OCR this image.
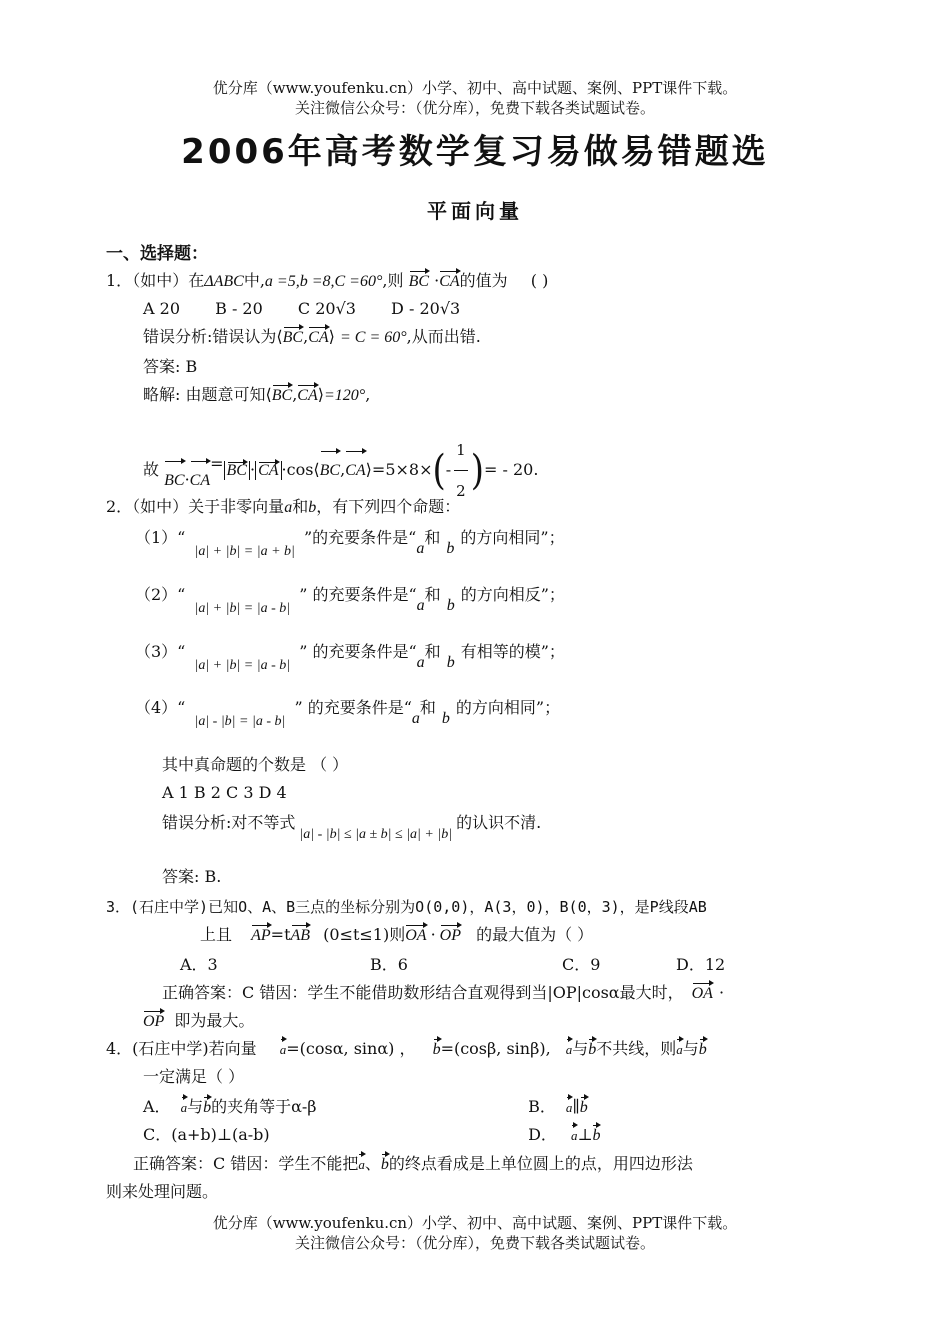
优分库（www.youfenku.cn）小学、初中、高中试题、案例、PPT课件下载。
关注微信公众号：（优分库），免费下载各类试题试卷。
2006年高考数学复习易做易错题选
平面向量
一、选择题：
1．（如中）在ΔABC中,a =5,b =8,C =60°,则 BC ·CA的值为 ( )
A 20 B - 20 C 20√3 D - 20√3
错误分析:错误认为⟨BC,CA⟩ = C = 60°,从而出错.
答案: B
略解: 由题意可知⟨BC,CA⟩=120°,
故 BC·CA= BC · CA ·cos⟨BC,CA⟩=5×8×(- $\frac{1}{2}$ )= - 20.
2．（如中）关于非零向量a和b，有下列四个命题：
（1）“ |a| + |b| = |a + b| ”的充要条件是“a和b的方向相同”；
（2）“ |a| + |b| = |a - b| ” 的充要条件是“a和b的方向相反”；
（3）“ |a| + |b| = |a - b| ” 的充要条件是“a和b有相等的模”；
（4）“ |a| - |b| = |a - b| ” 的充要条件是“a和b的方向相同”；
其中真命题的个数是 （ ）
A 1 B 2 C 3 D 4
错误分析:对不等式|a| - |b| ≤ |a ± b| ≤ |a| + |b|的认识不清.
答案: B.
3．(石庄中学)已知O、A、B三点的坐标分别为O(0,0)，A(3，0)，B(0，3)，是P线段AB
上且 AP=tAB (0≤t≤1)则OA · OP 的最大值为（ ）
A．3	B．6	C．9	D．12
正确答案：C 错因：学生不能借助数形结合直观得到当|OP|cosα最大时， OA ·
OP 即为最大。
4．(石庄中学)若向量 a=(cosα, sinα) ， b=(cosβ, sinβ), a与b不共线，则a与b
一定满足（ ）
A． a与b的夹角等于α-β	B． a∥b
C．(a+b)⊥(a-b)	D． a⊥b
正确答案：C 错因：学生不能把a、b的终点看成是上单位圆上的点，用四边形法
则来处理问题。
优分库（www.youfenku.cn）小学、初中、高中试题、案例、PPT课件下载。
关注微信公众号：（优分库），免费下载各类试题试卷。
